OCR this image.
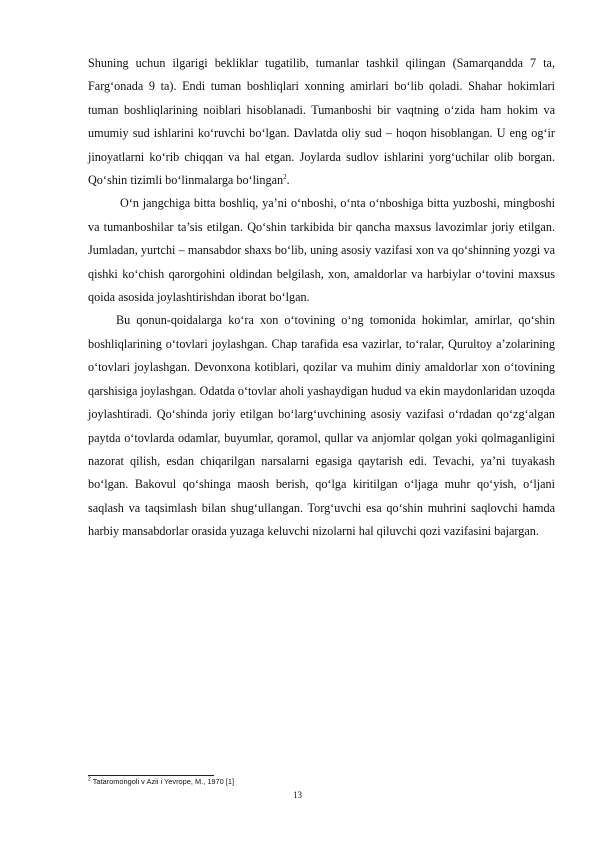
Shuning uchun ilgarigi bekliklar tugatilib, tumanlar tashkil qilingan (Samarqandda 7 ta, Farg‘onada 9 ta). Endi tuman boshliqlari xonning amirlari bo‘lib qoladi. Shahar hokimlari tuman boshliqlarining noiblari hisoblanadi. Tumanboshi bir vaqtning o‘zida ham hokim va umumiy sud ishlarini ko‘ruvchi bo‘lgan. Davlatda oliy sud – hoqon hisoblangan. U eng og‘ir jinoyatlarni ko‘rib chiqqan va hal etgan. Joylarda sudlov ishlarini yorg‘uchilar olib borgan. Qo‘shin tizimli bo‘linmalarga bo‘lingan$^2$.

O‘n jangchiga bitta boshliq, ya’ni o‘nboshi, o‘nta o‘nboshiga bitta yuzboshi, mingboshi va tumanboshilar ta’sis etilgan. Qo‘shin tarkibida bir qancha maxsus lavozimlar joriy etilgan. Jumladan, yurtchi – mansabdor shaxs bo‘lib, uning asosiy vazifasi xon va qo‘shinning yozgi va qishki ko‘chish qarorgohini oldindan belgilash, xon, amaldorlar va harbiylar o‘tovini maxsus qoida asosida joylashtirishdan iborat bo‘lgan.

Bu qonun-qoidalarga ko‘ra xon o‘tovining o‘ng tomonida hokimlar, amirlar, qo‘shin boshliqlarining o‘tovlari joylashgan. Chap tarafida esa vazirlar, to‘ralar, Qurultoy a’zolarining o‘tovlari joylashgan. Devonxona kotiblari, qozilar va muhim diniy amaldorlar xon o‘tovining qarshisiga joylashgan. Odatda o‘tovlar aholi yashaydigan hudud va ekin maydonlaridan uzoqda joylashtiradi. Qo‘shinda joriy etilgan bo‘larg‘uvchining asosiy vazifasi o‘rdadan qo‘zg‘algan paytda o‘tovlarda odamlar, buyumlar, qoramol, qullar va anjomlar qolgan yoki qolmaganligini nazorat qilish, esdan chiqarilgan narsalarni egasiga qaytarish edi. Tevachi, ya’ni tuyakash bo‘lgan. Bakovul qo‘shinga maosh berish, qo‘lga kiritilgan o‘ljaga muhr qo‘yish, o‘ljani saqlash va taqsimlash bilan shug‘ullangan. Torg‘uvchi esa qo‘shin muhrini saqlovchi hamda harbiy mansabdorlar orasida yuzaga keluvchi nizolarni hal qiluvchi qozi vazifasini bajargan.

$^2$ Tataromongoli v Azii i Yevrope, M., 1970 [1]
13
